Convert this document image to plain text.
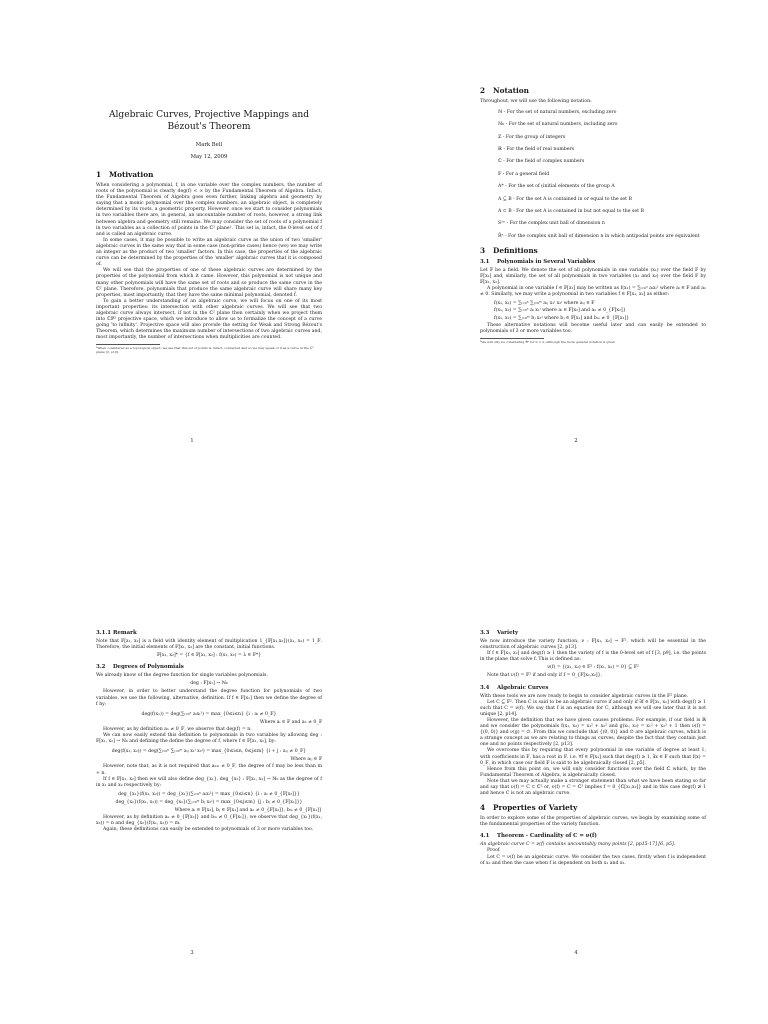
Algebraic Curves, Projective Mappings and
Bézout's Theorem
Mark Bell
May 12, 2009
1 Motivation

When considering a polynomial, f, in one variable over the complex numbers, the number of roots of the polynomial is clearly deg(f) < ∞ by the Fundamental Theorem of Algebra. Infact, the Fundamental Theorem of Algebra goes even further, linking algebra and geometry by saying that a monic polynomial over the complex numbers, an algebraic object, is completely determined by its roots, a geometric property. However, once we start to consider polynomials in two variables there are, in general, an uncountable number of roots, however, a strong link between algebra and geometry still remains. We may consider the set of roots of a polynomial f in two variables as a collection of points in the ℂ² plane¹. This set is, infact, the 0-level set of f and is called an algebraic curve.

In some cases, it may be possible to write an algebraic curve as the union of two 'smaller' algebraic curves in the same way that in some case (non-prime cases) hence (we) we may write an integer as the product of two 'smaller' factors. In this case, the properties of the algebraic curve can be determined by the properties of the 'smaller' algebraic curves that it is composed of.

We will see that the properties of one of these algebraic curves are determined by the properties of the polynomial from which it came. However, this polynomial is not unique and many other polynomials will have the same set of roots and so produce the same curve in the ℂ² plane. Therefore, polynomials that produce the same algebraic curve will share many key properties, most importantly, that they have the same minimal polynomial, denoted f̂.

To gain a better understanding of an algebraic curve, we will focus on one of its most important properties: its intersection with other algebraic curves. We will see that two algebraic curve always intersect, if not in the ℂ² plane then certainly when we project them into ℂℙ² projective space, which we introduce to allow us to formalize the concept of a curve going 'to infinity'. Projective space will also provide the setting for Weak and Strong Bézout's Theorem, which determines the maximum number of intersections of two algebraic curves and, most importantly, the number of intersections when multiplicities are counted.

¹When considered as a topological object, we see that this set of points is, infact, connected and so we may speak of it as a curve in the ℂ² plane [2, p19].
1
2 Notation

Throughout, we will use the following notation:

ℕ - For the set of natural numbers, excluding zero
ℕ₀ - For the set of natural numbers, including zero
ℤ - For the group of integers
ℝ - For the field of real numbers
ℂ - For the field of complex numbers
𝔽 - For a general field
A* - For the set of (initial elements of the group A
A ⊆ B - For the set A is contained in or equal to the set B
A ⊂ B - For the set A is contained in but not equal to the set B
S¹ⁿ - For the complex unit ball of dimension n
R̃ⁿ - For the complex unit ball of dimension n in which antipodal points are equivalent
3 Definitions
3.1 Polynomials in Several Variables

Let 𝔽 be a field. We denote the set of all polynomials in one variable (x₁) over the field 𝔽 by 𝔽[x₁] and, similarly, the set of all polynomials in two variables (x₁ and x₂) over the field 𝔽 by 𝔽[x₁, x₂].

A polynomial in one variable f ∈ 𝔽[x₁] may be written as f(x₁) = ∑ᵢ₌₀ⁿ aᵢxᵢ¹ where aᵢ ∈ 𝔽 and aₙ ≠ 0. Similarly, we may write a polynomial in two variables f ∈ 𝔽[x₁, x₂] as either:

f(x₁, x₂) = ∑ᵢ₌₀ⁿ ∑ⱼ₌₀ᵐ aᵢⱼ x₁ⁱ x₂ʲ where aᵢⱼ ∈ 𝔽
f(x₁, x₂) = ∑ᵢ₌₀ⁿ aᵢ x₁ⁱ where aᵢ ∈ 𝔽[x₂] and aₙ ≠ 0_{𝔽[x₂]}
f(x₁, x₂) = ∑ⱼ₌₀ᵐ bⱼ x₂ʲ where bⱼ ∈ 𝔽[x₁] and bₘ ≠ 0_{𝔽[x₁]}

These alternative notations will become useful later and can easily be extended to polynomials of 3 or more variables too.

²We will only be considering R̃ⁿ for n = 2, although the more general notation is given
2
3.1.1 Remark

Note that 𝔽[x₁, x₂] is a field with identity element of multiplication 1_{𝔽[x₁,x₂]}(x₁, x₂) = 1_𝔽. Therefore, the initial elements of 𝔽[x₁, x₂] are the constant, initial functions.

𝔽[x₁, x₂]* = {f ∈ 𝔽[x₁, x₂] : f(x₁, x₂) = λ ∈ 𝔽*}
3.2 Degrees of Polynomials

We already know of the degree function for single variables polynomials.

deg : 𝔽[x₁] → ℕ₀

However, in order to better understand the degree function for polynomials of two variables, we use the following, alternative, definition. If f ∈ 𝔽[x₁] then we define the degree of f by:

deg(f(x₁)) = deg(∑ᵢ₌₀ⁿ aᵢxᵢ¹) = max_{0≤i≤n} {i : aᵢ ≠ 0_𝔽}
Where aᵢ ∈ 𝔽 and aₙ ≠ 0_𝔽

However, as by definition aₙ ≠ 0_𝔽, we observe that deg(f) = n.

We can now easily extend this definition to polynomials in two variables by allowing deg : 𝔽[x₁, x₂] → ℕ₀ and defining the define the degree of f, where f ∈ 𝔽[x₁, x₂], by:

deg(f(x₁, x₂)) = deg(∑ᵢ₌₀ⁿ ∑ⱼ₌₀ᵐ aᵢⱼ x₁ⁱ x₂ʲ) = max_{0≤i≤n, 0≤j≤m} {i + j : aᵢⱼ ≠ 0_𝔽}
Where aᵢⱼ ∈ 𝔽

However, note that, as it is not required that aₙₘ ≠ 0_𝔽, the degree of f may be less than m + n.

If f ∈ 𝔽[x₁, x₂] then we will also define deg_{x₁}, deg_{x₂} : 𝔽[x₁, x₂] → ℕ₀ as the degree of f in x₁ and x₂ respectively by:

deg_{x₁}(f(x₁, x₂)) = deg_{x₁}(∑ᵢ₌₀ⁿ aᵢxᵢ¹) = max_{0≤i≤n} {i : aᵢ ≠ 0_{𝔽[x₂]}}
deg_{x₂}(f(x₁, x₂)) = deg_{x₂}(∑ⱼ₌₀ᵐ bⱼ x₂ʲ) = max_{0≤j≤m} {j : bⱼ ≠ 0_{𝔽[x₁]}}
Where aᵢ ∈ 𝔽[x₂], bⱼ ∈ 𝔽[x₁] and aₙ ≠ 0_{𝔽[x₂]}, bₘ ≠ 0_{𝔽[x₁]}

However, as by definition aₙ ≠ 0_{𝔽[x₂]} and bₘ ≠ 0_{𝔽[x₁]}, we observe that deg_{x₁}(f(x₁, x₂)) = n and deg_{x₂}(f(x₁, x₂)) = m.

Again, these definitions can easily be extended to polynomials of 3 or more variables too.

3
3.3 Variety

We now introduce the variety function, ν : 𝔽[x₁, x₂] → 𝔽², which will be essential in the construction of algebraic curves [2, p13].

If f ∈ 𝔽[x₁, x₂] and deg(f) ≥ 1 then the variety of f is the 0-level set of f [3, p9], i.e. the points in the plane that solve f. This is defined as:

ν(f) = {(x₁, x₂) ∈ 𝔽² : f(x₁, x₂) = 0} ⊆ 𝔽²

Note that ν(f) = 𝔽² if and only if f = 0_{𝔽[x₁,x₂]}.

3.4 Algebraic Curves

With these tools we are now ready to begin to consider algebraic curves in the 𝔽² plane.

Let C ⊆ 𝔽². Then C is said to be an algebraic curve if and only if ∃f ∈ 𝔽[x₁, x₂] with deg(f) ≥ 1 such that C = ν(f). We say that f is an equation for C, although we will see later that it is not unique [2, p14].

However, the definition that we have given causes problems. For example, if our field is ℝ and we consider the polynomials f(x₁, x₂) = x₁² + x₂² and g(x₁, x₂) = x₁² + x₂² + 1 then ν(f) = {(0, 0)} and ν(g) = ∅. From this we conclude that {(0, 0)} and ∅ are algebraic curves, which is a strange concept as we are relating to things as curves, despite the fact that they contain just one and no points respectively [2, p13].

We overcome this by requiring that every polynomial in one variable of degree at least 1, with coefficients in 𝔽, has a root in 𝔽. i.e. ∀f ∈ 𝔽[x₁] such that deg(f) ≥ 1, ∃x ∈ 𝔽 such that f(x) = 0_𝔽, in which case our field 𝔽 is said to be algebraically closed [2, p5].

Hence from this point on, we will only consider functions over the field ℂ which, by the Fundamental Theorem of Algebra, is algebraically closed.

Note that we may actually make a stronger statement than what we have been stating so far and say that ν(f) = C ⊂ ℂ² or, ν(f) = C = ℂ² implies f = 0_{ℂ[x₁,x₂]} and in this case deg(f) ≱ 1 and hence C is not an algebraic curve.

4 Properties of Variety

In order to explore some of the properties of algebraic curves, we begin by examining some of the fundamental properties of the variety function.

4.1 Theorem - Cardinality of C = ν(f)

An algebraic curve C = ν(f) contains uncountably many points [2, pp15-17] [6, p5].

Proof

Let C = ν(f) be an algebraic curve. We consider the two cases, firstly when f is independent of x₂ and then the case when f is dependent on both x₁ and x₂.

4
